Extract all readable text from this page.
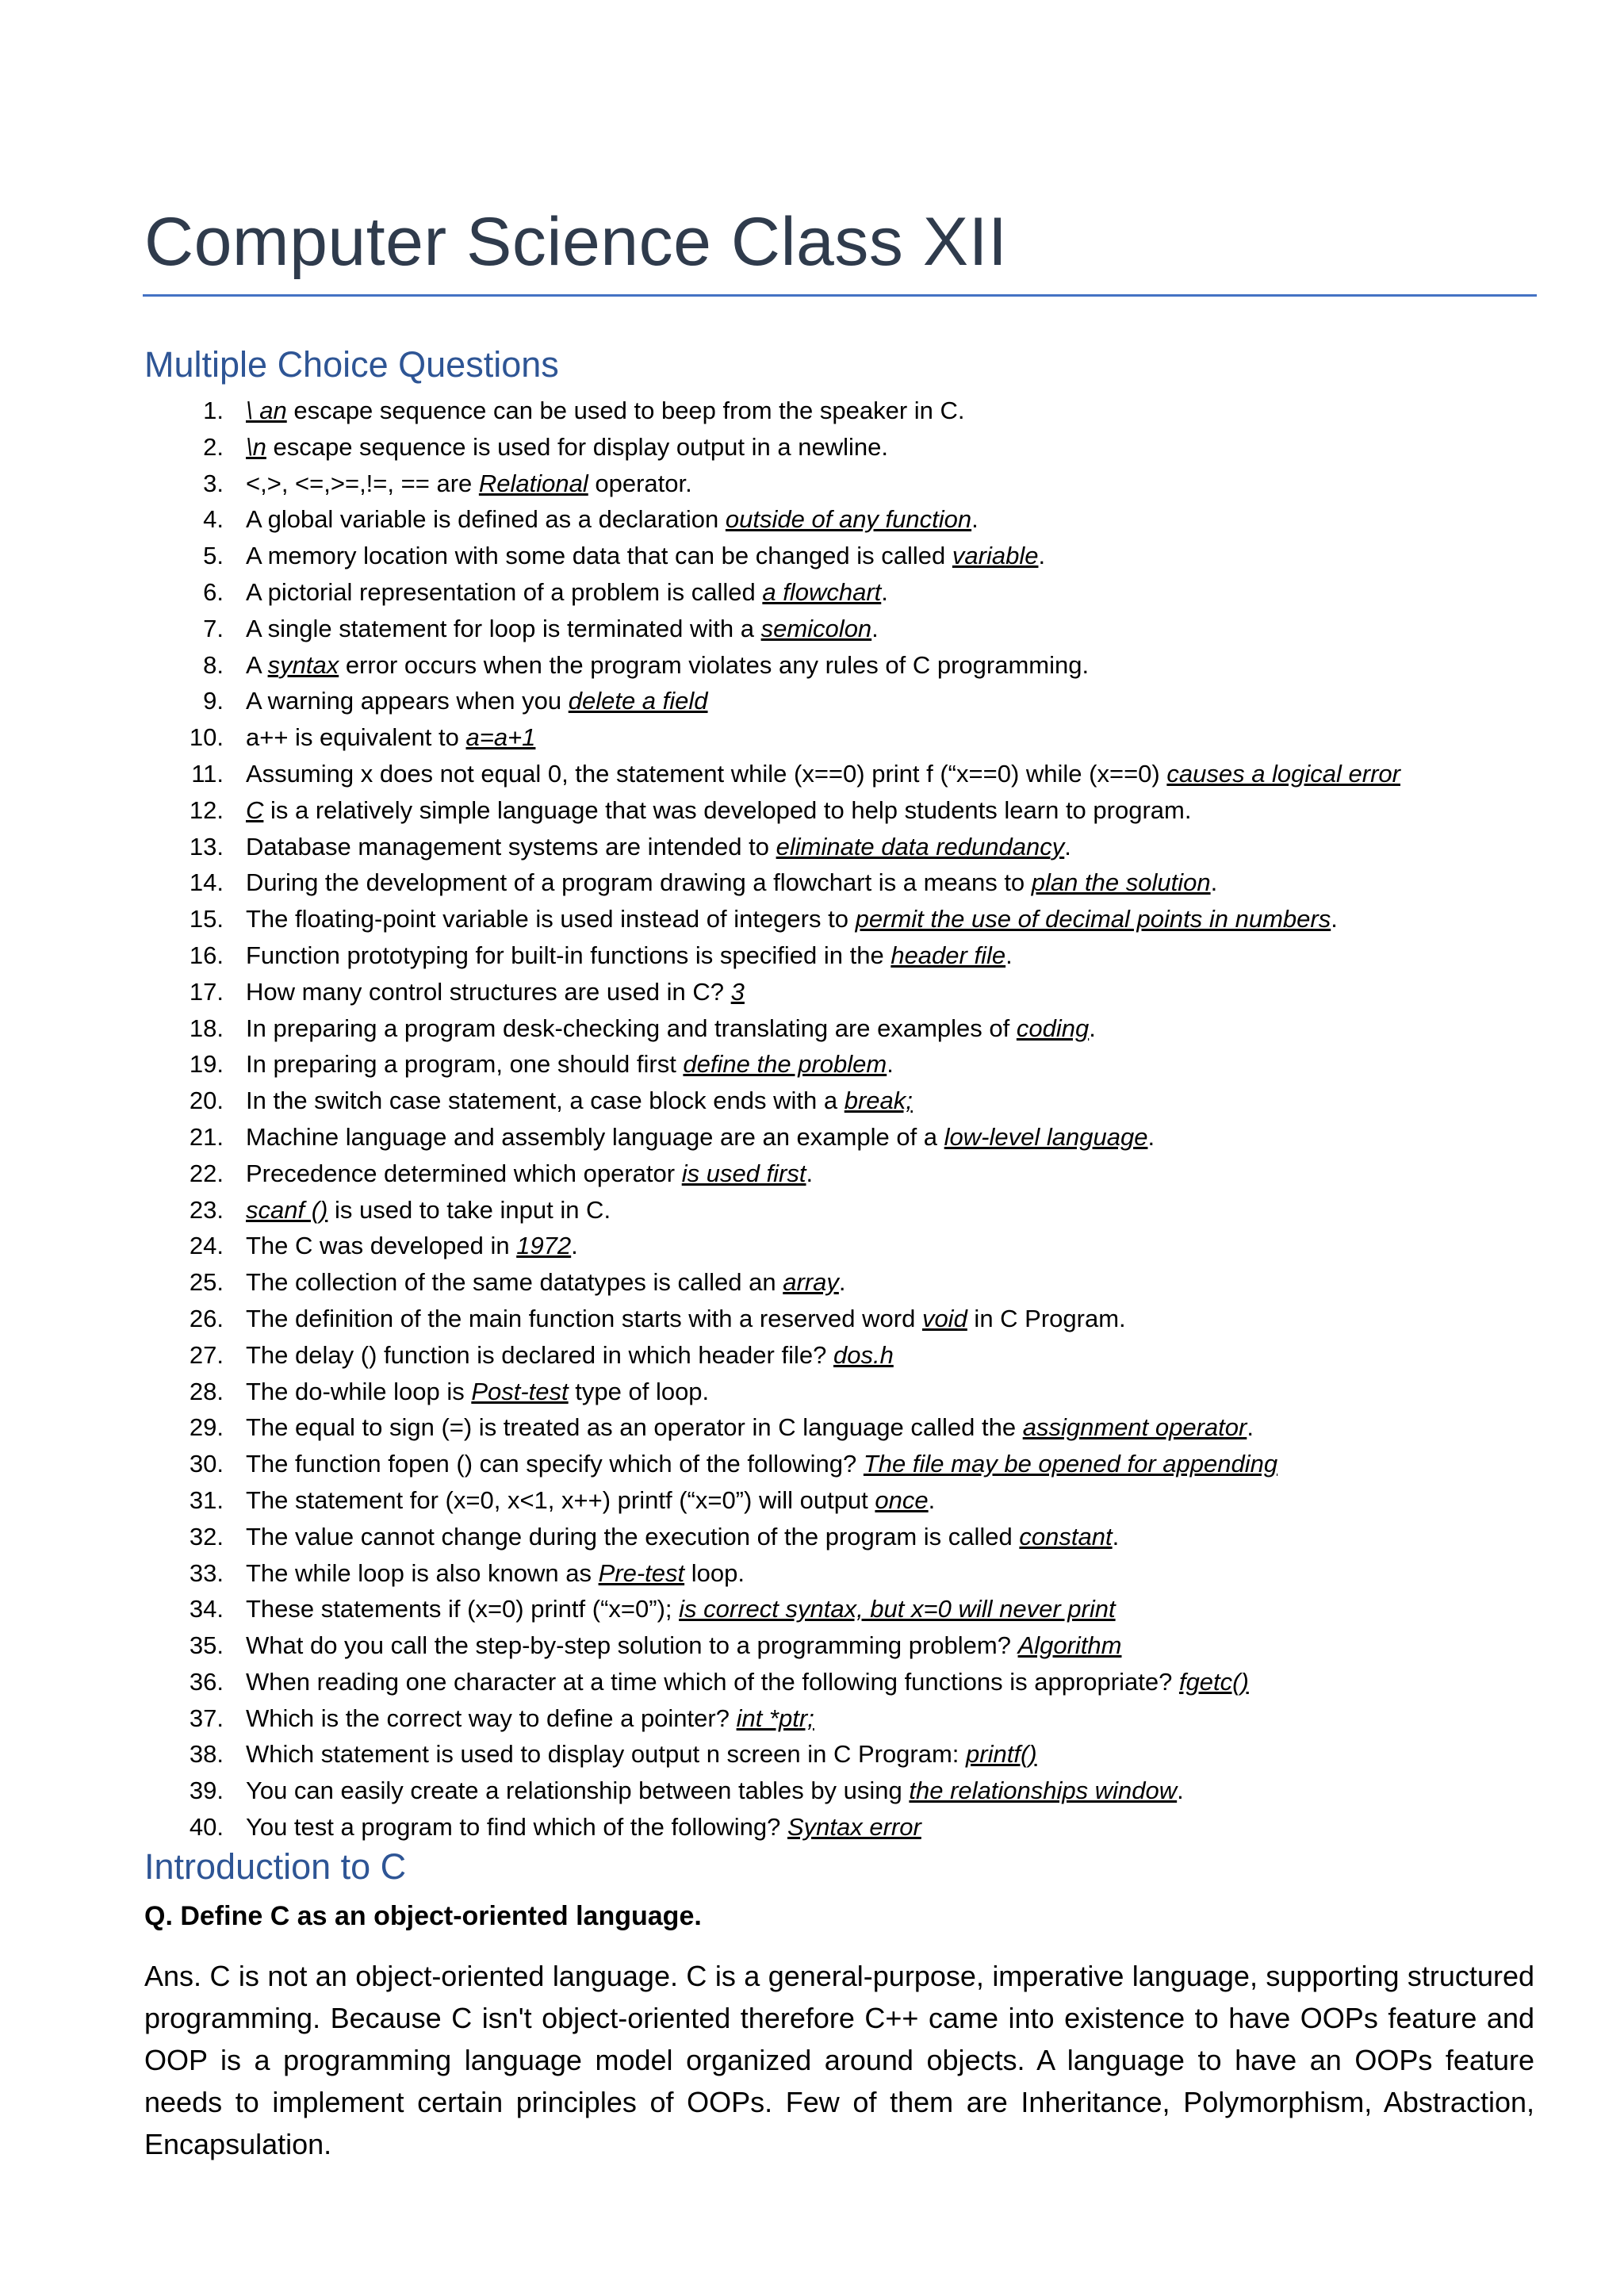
Computer Science Class XII
Multiple Choice Questions
1. \ an escape sequence can be used to beep from the speaker in C.
2. \n escape sequence is used for display output in a newline.
3. <,>, <=,>=,!=, == are Relational operator.
4. A global variable is defined as a declaration outside of any function.
5. A memory location with some data that can be changed is called variable.
6. A pictorial representation of a problem is called a flowchart.
7. A single statement for loop is terminated with a semicolon.
8. A syntax error occurs when the program violates any rules of C programming.
9. A warning appears when you delete a field
10. a++ is equivalent to a=a+1
11. Assuming x does not equal 0, the statement while (x==0) print f (“x==0) while (x==0) causes a logical error
12. C is a relatively simple language that was developed to help students learn to program.
13. Database management systems are intended to eliminate data redundancy.
14. During the development of a program drawing a flowchart is a means to plan the solution.
15. The floating-point variable is used instead of integers to permit the use of decimal points in numbers.
16. Function prototyping for built-in functions is specified in the header file.
17. How many control structures are used in C? 3
18. In preparing a program desk-checking and translating are examples of coding.
19. In preparing a program, one should first define the problem.
20. In the switch case statement, a case block ends with a break;
21. Machine language and assembly language are an example of a low-level language.
22. Precedence determined which operator is used first.
23. scanf () is used to take input in C.
24. The C was developed in 1972.
25. The collection of the same datatypes is called an array.
26. The definition of the main function starts with a reserved word void in C Program.
27. The delay () function is declared in which header file? dos.h
28. The do-while loop is Post-test type of loop.
29. The equal to sign (=) is treated as an operator in C language called the assignment operator.
30. The function fopen () can specify which of the following? The file may be opened for appending
31. The statement for (x=0, x<1, x++) printf (“x=0”) will output once.
32. The value cannot change during the execution of the program is called constant.
33. The while loop is also known as Pre-test loop.
34. These statements if (x=0) printf (“x=0”); is correct syntax, but x=0 will never print
35. What do you call the step-by-step solution to a programming problem? Algorithm
36. When reading one character at a time which of the following functions is appropriate? fgetc()
37. Which is the correct way to define a pointer? int *ptr;
38. Which statement is used to display output n screen in C Program: printf()
39. You can easily create a relationship between tables by using the relationships window.
40. You test a program to find which of the following? Syntax error
Introduction to C
Q. Define C as an object-oriented language.

Ans. C is not an object-oriented language. C is a general-purpose, imperative language, supporting structured programming. Because C isn't object-oriented therefore C++ came into existence to have OOPs feature and OOP is a programming language model organized around objects. A language to have an OOPs feature needs to implement certain principles of OOPs. Few of them are Inheritance, Polymorphism, Abstraction, Encapsulation.
